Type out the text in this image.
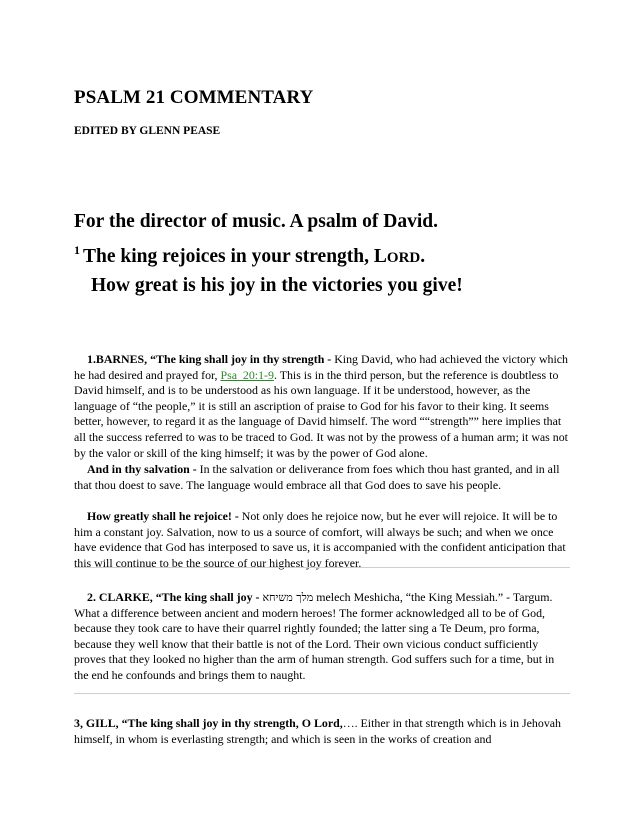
PSALM 21 COMMENTARY
EDITED BY GLENN PEASE
For the director of music. A psalm of David.
$^1$ The king rejoices in your strength, LORD.
How great is his joy in the victories you give!

1.BARNES, “The king shall joy in thy strength - King David, who had achieved the victory which he had desired and prayed for, Psa_20:1-9. This is in the third person, but the reference is doubtless to David himself, and is to be understood as his own language. If it be understood, however, as the language of “the people,” it is still an ascription of praise to God for his favor to their king. It seems better, however, to regard it as the language of David himself. The word ““strength”” here implies that all the success referred to was to be traced to God. It was not by the prowess of a human arm; it was not by the valor or skill of the king himself; it was by the power of God alone.

And in thy salvation - In the salvation or deliverance from foes which thou hast granted, and in all that thou doest to save. The language would embrace all that God does to save his people.

How greatly shall he rejoice! - Not only does he rejoice now, but he ever will rejoice. It will be to him a constant joy. Salvation, now to us a source of comfort, will always be such; and when we once have evidence that God has interposed to save us, it is accompanied with the confident anticipation that this will continue to be the source of our highest joy forever.

2. CLARKE, “The king shall joy - מלך משיחא melech Meshicha, “the King Messiah.” - Targum. What a difference between ancient and modern heroes! The former acknowledged all to be of God, because they took care to have their quarrel rightly founded; the latter sing a Te Deum, pro forma, because they well know that their battle is not of the Lord. Their own vicious conduct sufficiently proves that they looked no higher than the arm of human strength. God suffers such for a time, but in the end he confounds and brings them to naught.

3, GILL, “The king shall joy in thy strength, O Lord,…. Either in that strength which is in Jehovah himself, in whom is everlasting strength; and which is seen in the works of creation and
